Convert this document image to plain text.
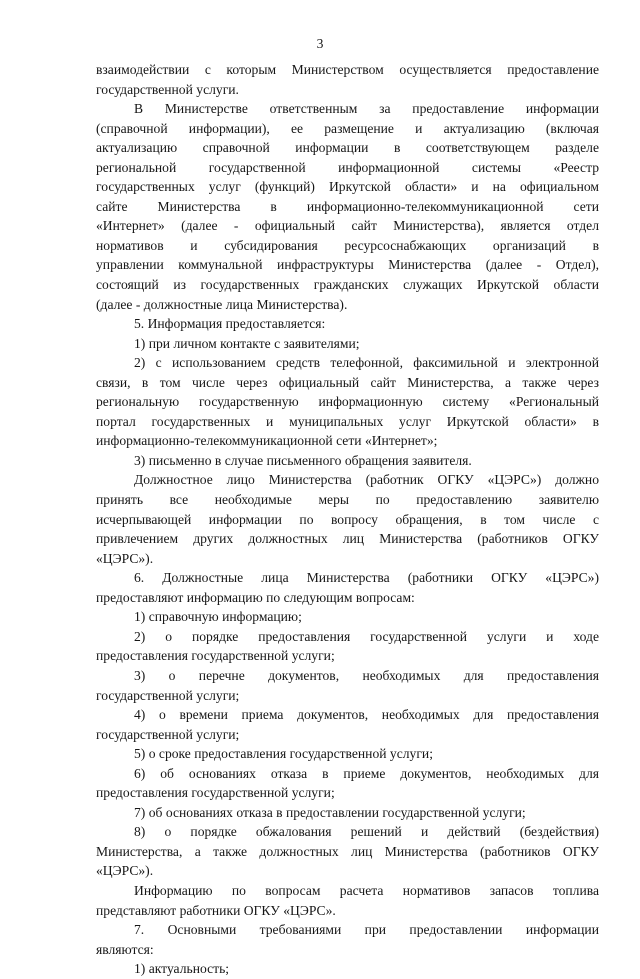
3
взаимодействии с которым Министерством осуществляется предоставление
государственной услуги.
В Министерстве ответственным за предоставление информации
(справочной информации), ее размещение и актуализацию (включая
актуализацию справочной информации в соответствующем разделе
региональной государственной информационной системы «Реестр
государственных услуг (функций) Иркутской области» и на официальном
сайте Министерства в информационно-телекоммуникационной сети
«Интернет» (далее - официальный сайт Министерства), является отдел
нормативов и субсидирования ресурсоснабжающих организаций в
управлении коммунальной инфраструктуры Министерства (далее - Отдел),
состоящий из государственных гражданских служащих Иркутской области
(далее - должностные лица Министерства).
5. Информация предоставляется:
1) при личном контакте с заявителями;
2) с использованием средств телефонной, факсимильной и электронной
связи, в том числе через официальный сайт Министерства, а также через
региональную государственную информационную систему «Региональный
портал государственных и муниципальных услуг Иркутской области» в
информационно-телекоммуникационной сети «Интернет»;
3) письменно в случае письменного обращения заявителя.
Должностное лицо Министерства (работник ОГКУ «ЦЭРС») должно
принять все необходимые меры по предоставлению заявителю
исчерпывающей информации по вопросу обращения, в том числе с
привлечением других должностных лиц Министерства (работников ОГКУ
«ЦЭРС»).
6. Должностные лица Министерства (работники ОГКУ «ЦЭРС»)
предоставляют информацию по следующим вопросам:
1) справочную информацию;
2) о порядке предоставления государственной услуги и ходе
предоставления государственной услуги;
3) о перечне документов, необходимых для предоставления
государственной услуги;
4) о времени приема документов, необходимых для предоставления
государственной услуги;
5) о сроке предоставления государственной услуги;
6) об основаниях отказа в приеме документов, необходимых для
предоставления государственной услуги;
7) об основаниях отказа в предоставлении государственной услуги;
8) о порядке обжалования решений и действий (бездействия)
Министерства, а также должностных лиц Министерства (работников ОГКУ
«ЦЭРС»).
Информацию по вопросам расчета нормативов запасов топлива
представляют работники ОГКУ «ЦЭРС».
7. Основными требованиями при предоставлении информации
являются:
1) актуальность;
